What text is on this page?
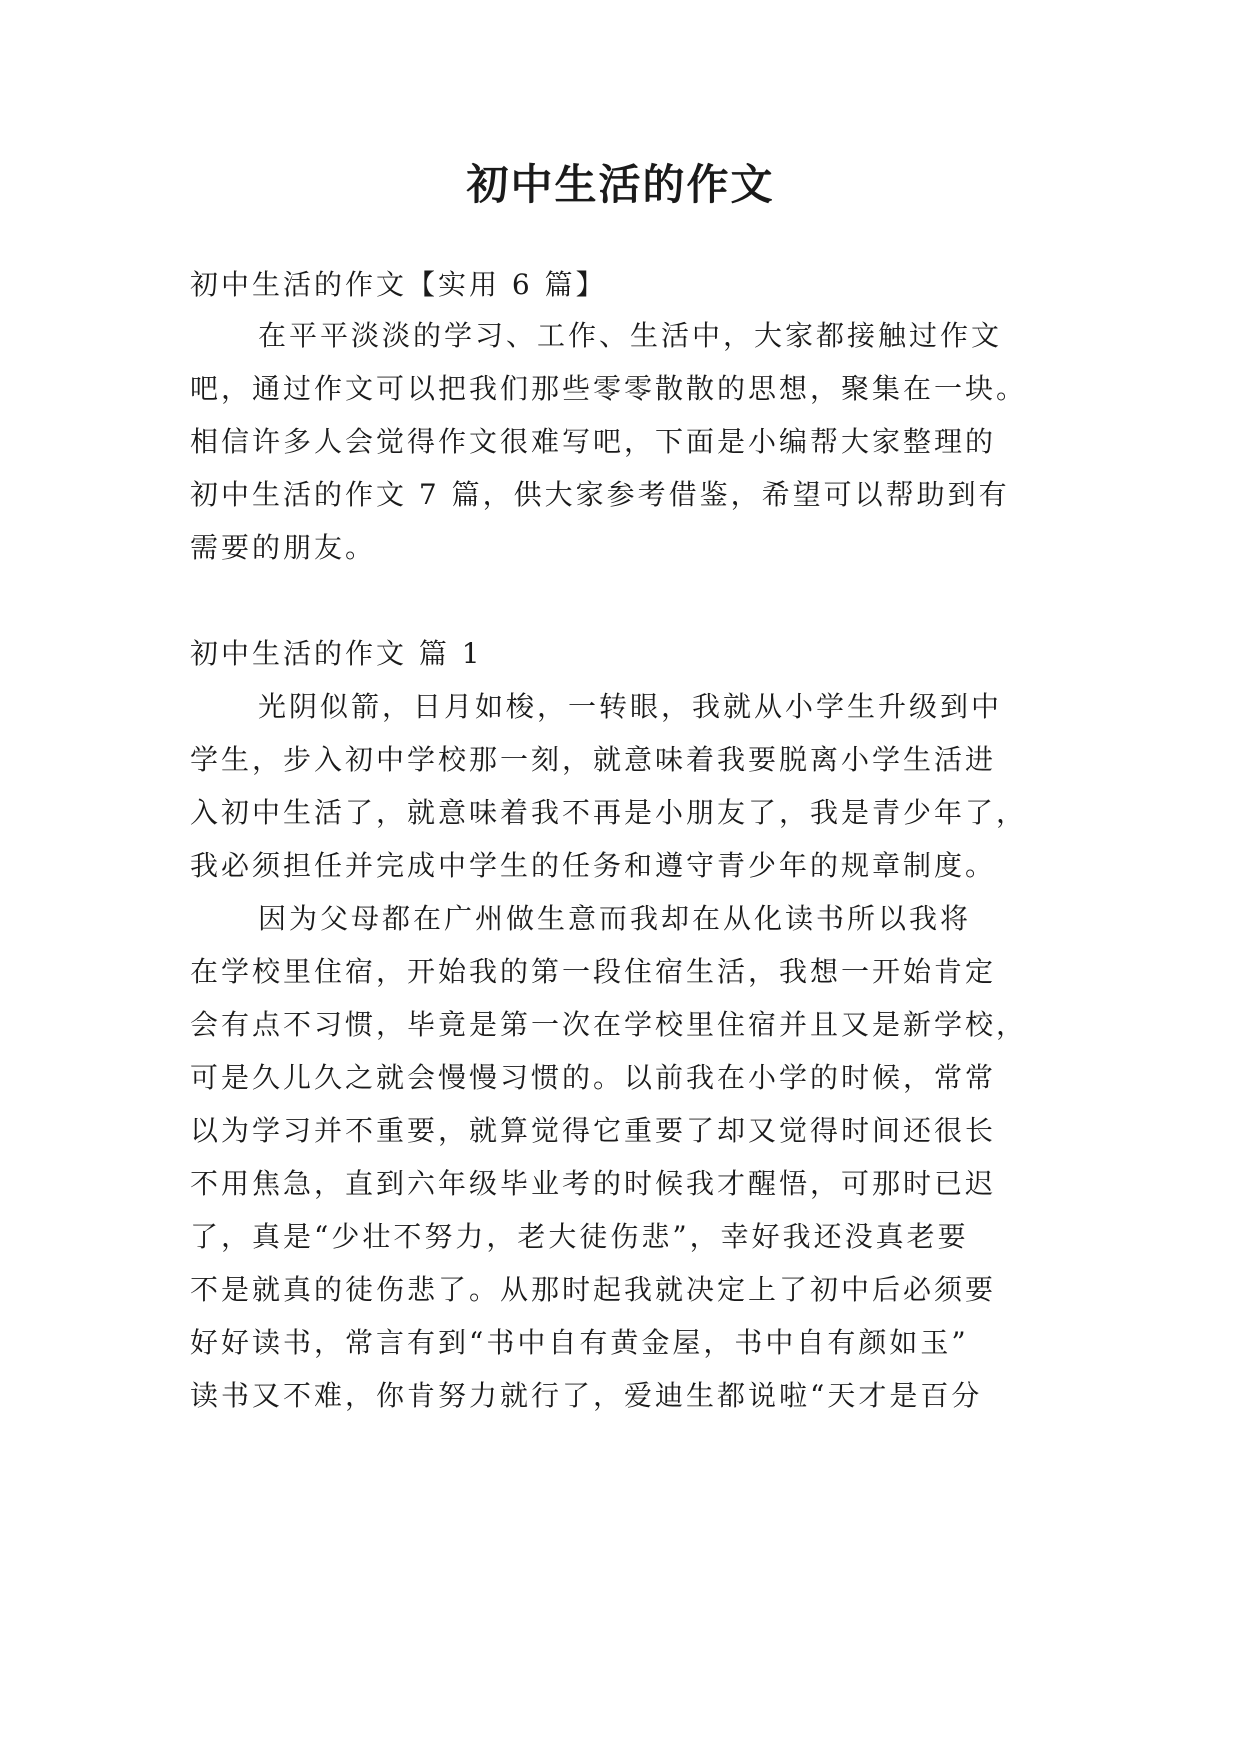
初中生活的作文
初中生活的作文【实用 6 篇】
在平平淡淡的学习、工作、生活中，大家都接触过作文
吧，通过作文可以把我们那些零零散散的思想，聚集在一块。
相信许多人会觉得作文很难写吧，下面是小编帮大家整理的
初中生活的作文 7 篇，供大家参考借鉴，希望可以帮助到有
需要的朋友。
初中生活的作文 篇 1
光阴似箭，日月如梭，一转眼，我就从小学生升级到中
学生，步入初中学校那一刻，就意味着我要脱离小学生活进
入初中生活了，就意味着我不再是小朋友了，我是青少年了，
我必须担任并完成中学生的任务和遵守青少年的规章制度。
因为父母都在广州做生意而我却在从化读书所以我将
在学校里住宿，开始我的第一段住宿生活，我想一开始肯定
会有点不习惯，毕竟是第一次在学校里住宿并且又是新学校，
可是久儿久之就会慢慢习惯的。以前我在小学的时候，常常
以为学习并不重要，就算觉得它重要了却又觉得时间还很长
不用焦急，直到六年级毕业考的时候我才醒悟，可那时已迟
了，真是“少壮不努力，老大徒伤悲”，幸好我还没真老要
不是就真的徒伤悲了。从那时起我就决定上了初中后必须要
好好读书，常言有到“书中自有黄金屋，书中自有颜如玉”
读书又不难，你肯努力就行了，爱迪生都说啦“天才是百分
